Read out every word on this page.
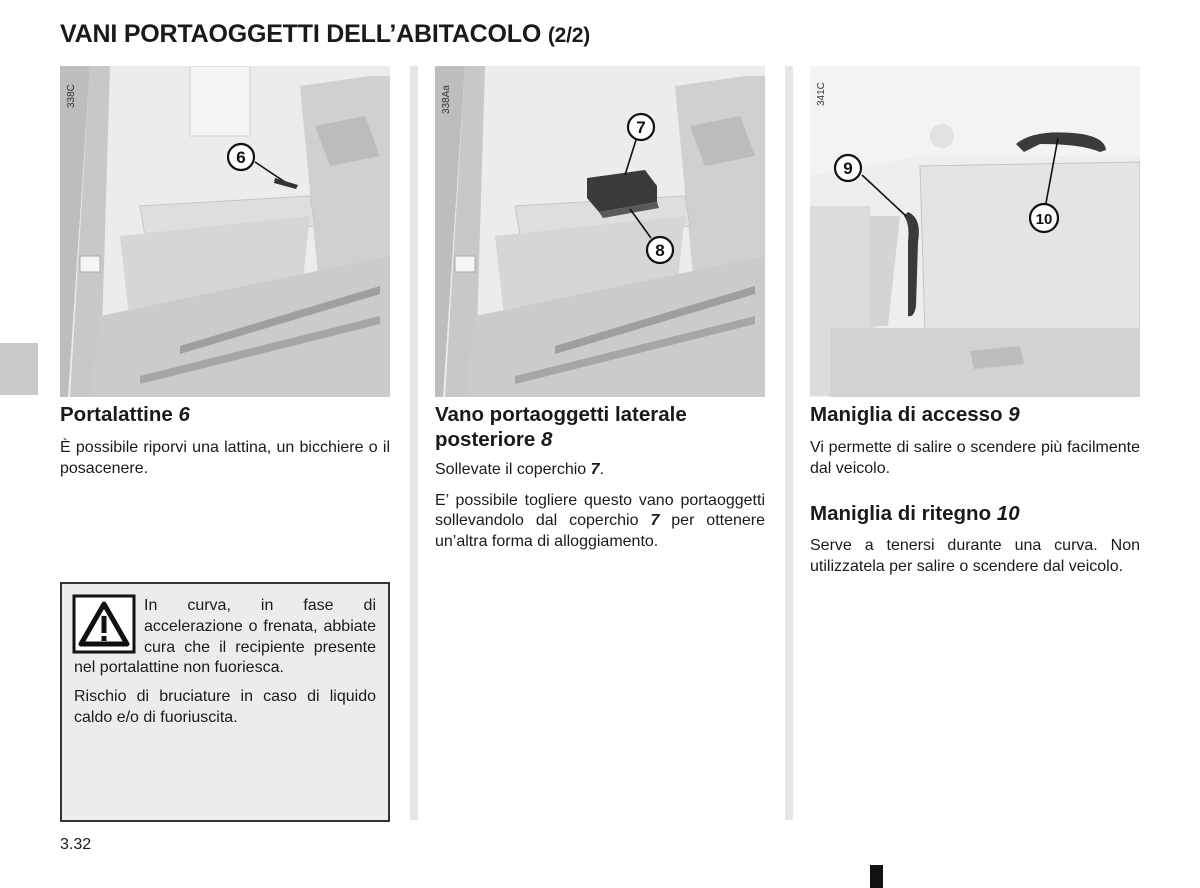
VANI PORTAOGGETTI DELL’ABITACOLO (2/2)
6
338C
7
8
338Aa
9
10
341C
Portalattine 6

È possibile riporvi una lattina, un bicchiere o il posacenere.

In curva, in fase di accelerazione o frenata, abbiate cura che il recipiente presente nel portalattine non fuoriesca.

Rischio di bruciature in caso di liquido caldo e/o di fuoriuscita.

Vano portaoggetti laterale posteriore 8

Sollevate il coperchio 7.

E’ possibile togliere questo vano portaoggetti sollevandolo dal coperchio 7 per ottenere un’altra forma di alloggiamento.

Maniglia di accesso 9

Vi permette di salire o scendere più facilmente dal veicolo.

Maniglia di ritegno 10

Serve a tenersi durante una curva. Non utilizzatela per salire o scendere dal veicolo.

3.32
